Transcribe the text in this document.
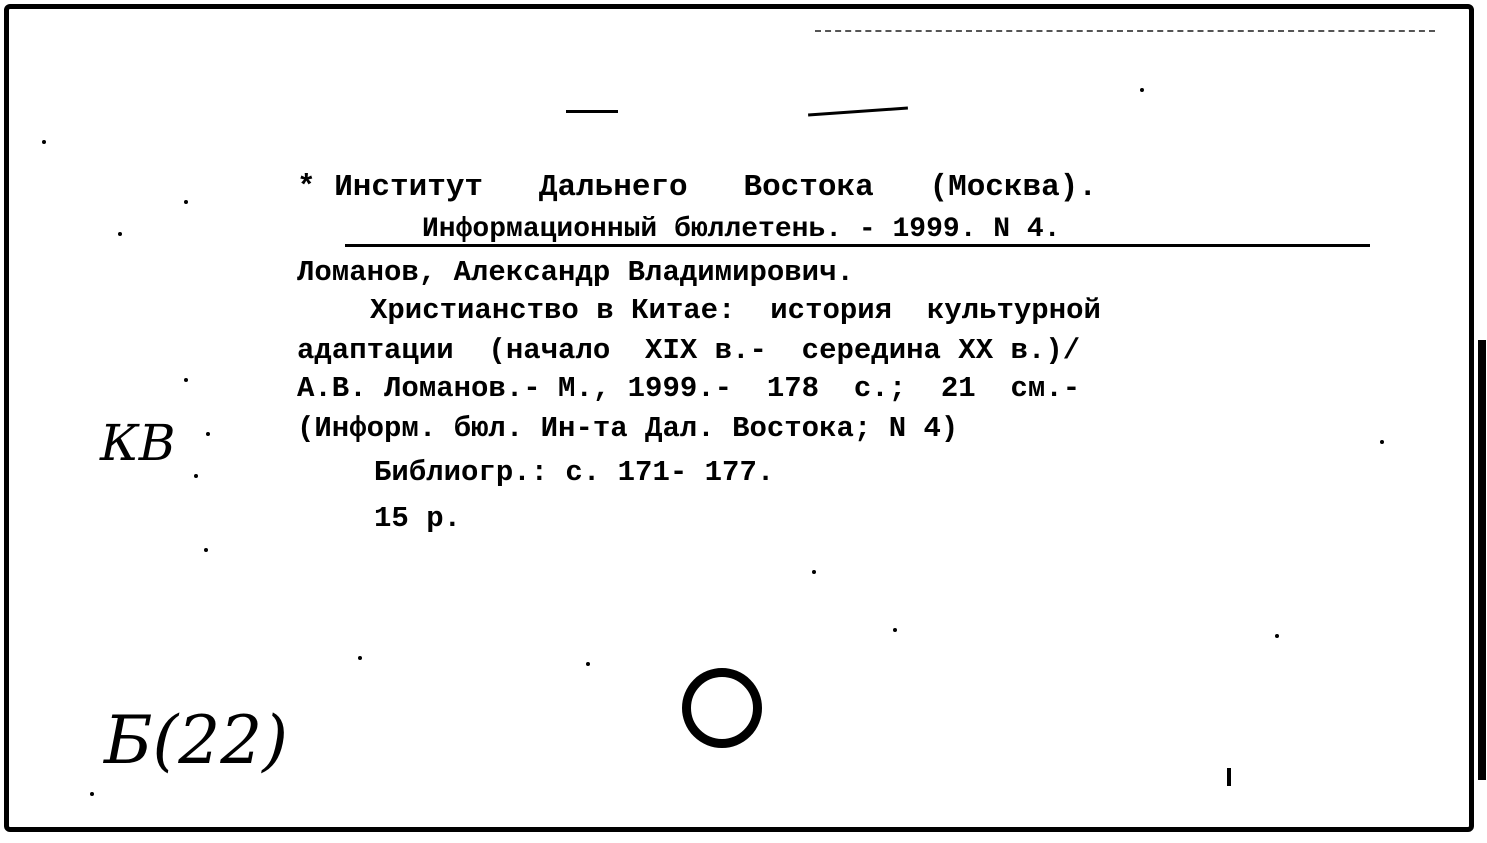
* Институт   Дальнего   Востока   (Москва).
Информационный бюллетень. - 1999. N 4.
Ломанов, Александр Владимирович.
Христианство в Китае:  история  культурной
адаптации  (начало  XIX в.-  середина XX в.)/
А.В. Ломанов.- М., 1999.-  178  с.;  21  см.-
(Информ. бюл. Ин-та Дал. Востока; N 4)
Библиогр.: с. 171- 177.
15 р.
КВ
Б(22)
